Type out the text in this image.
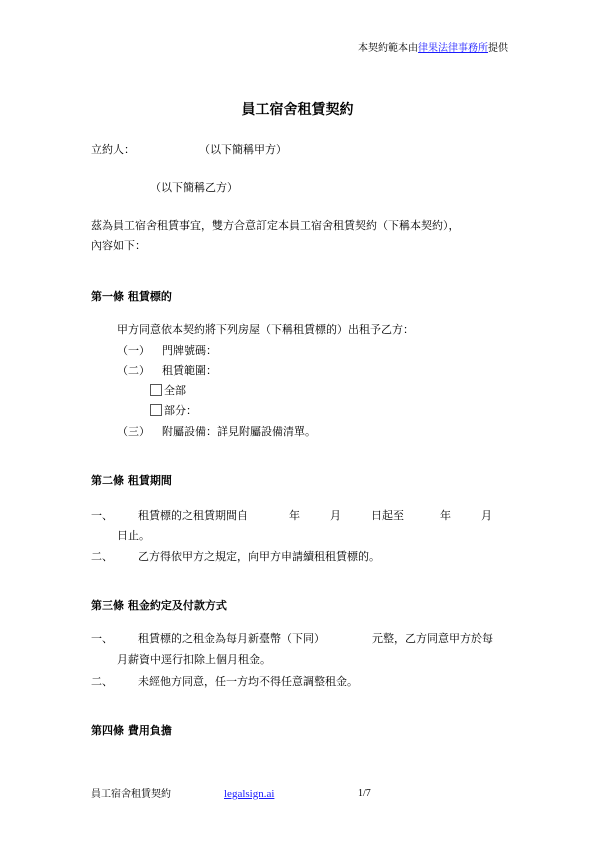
本契約範本由律果法律事務所提供
員工宿舍租賃契約
立約人：	（以下簡稱甲方）
（以下簡稱乙方）
茲為員工宿舍租賃事宜，雙方合意訂定本員工宿舍租賃契約（下稱本契約），
內容如下：
第一條 租賃標的
甲方同意依本契約將下列房屋（下稱租賃標的）出租予乙方：
（一） 門牌號碼：
（二） 租賃範圍：
全部
部分：
（三） 附屬設備：詳見附屬設備清單。
第二條 租賃期間
一、 租賃標的之租賃期間自	年	月	日起至	年	月
日止。
二、 乙方得依甲方之規定，向甲方申請續租租賃標的。
第三條 租金約定及付款方式
一、 租賃標的之租金為每月新臺幣（下同）	元整，乙方同意甲方於每
月薪資中逕行扣除上個月租金。
二、 未經他方同意，任一方均不得任意調整租金。
第四條 費用負擔
員工宿舍租賃契約	legalsign.ai	1/7
